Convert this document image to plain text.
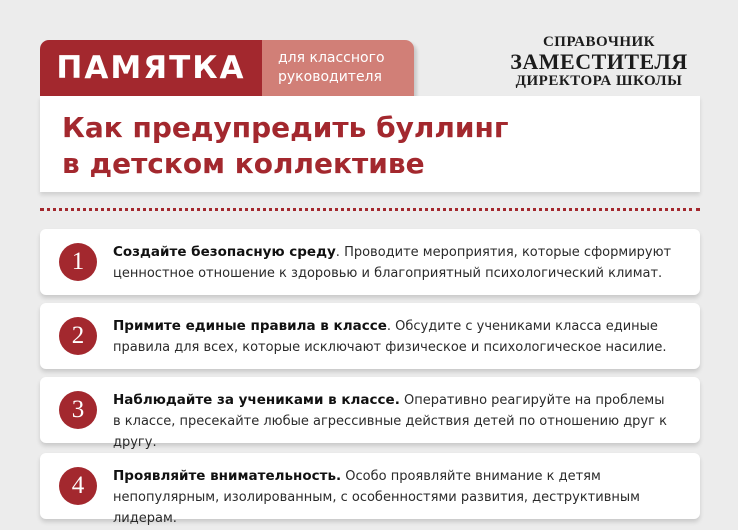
ПАМЯТКА	для классного
руководителя
СПРАВОЧНИК
ЗАМЕСТИТЕЛЯ
ДИРЕКТОРА ШКОЛЫ
Как предупредить буллинг
в детском коллективе
1	Создайте безопасную среду. Проводите мероприятия, которые сформируют
ценностное отношение к здоровью и благоприятный психологический климат.
2	Примите единые правила в классе. Обсудите с учениками класса единые
правила для всех, которые исключают физическое и психологическое насилие.
3	Наблюдайте за учениками в классе. Оперативно реагируйте на проблемы
в классе, пресекайте любые агрессивные действия детей по отношению друг к другу.
4	Проявляйте внимательность. Особо проявляйте внимание к детям
непопулярным, изолированным, с особенностями развития, деструктивным лидерам.
